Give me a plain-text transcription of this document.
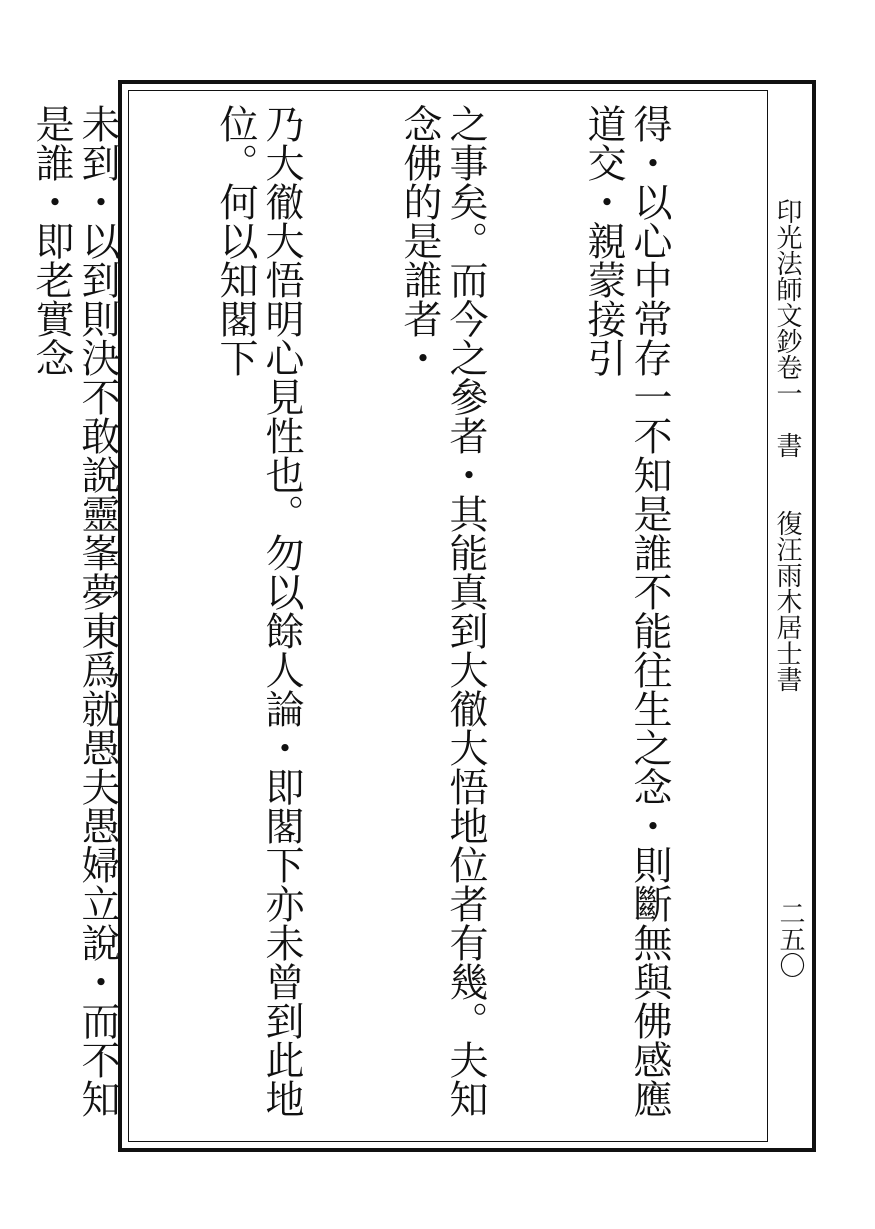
得・以心中常存一不知是誰不能往生之念・則斷無與佛感應道交・親蒙接引

之事矣。而今之參者・其能真到大徹大悟地位者有幾。夫知念佛的是誰者・

乃大徹大悟明心見性也。勿以餘人論・即閣下亦未曾到此地位。何以知閣下

未到・以到則決不敢說靈峯夢東爲就愚夫愚婦立說・而不知是誰・即老實念

	印光法師文鈔卷一　書　　復汪雨木居士書
二五〇
